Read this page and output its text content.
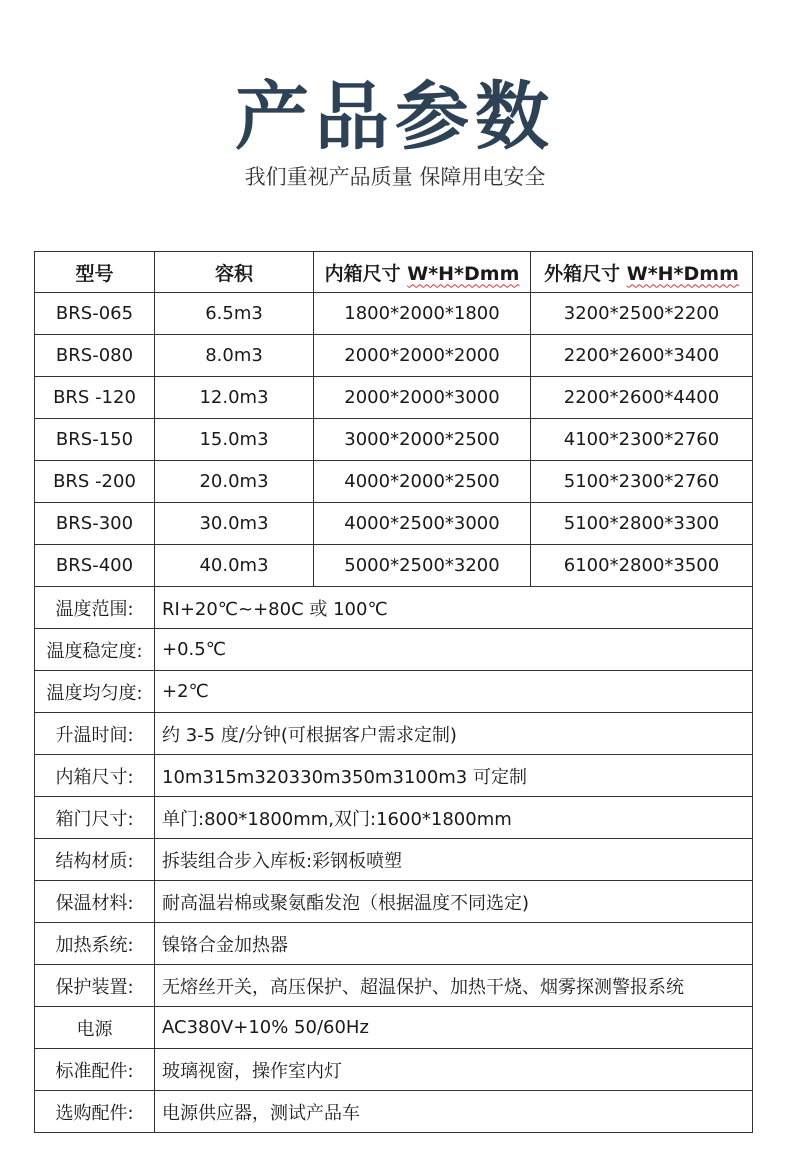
产品参数
我们重视产品质量 保障用电安全
型号	容积	内箱尺寸 W*H*Dmm	外箱尺寸 W*H*Dmm
BRS-065	6.5m3	1800*2000*1800	3200*2500*2200
BRS-080	8.0m3	2000*2000*2000	2200*2600*3400
BRS -120	12.0m3	2000*2000*3000	2200*2600*4400
BRS-150	15.0m3	3000*2000*2500	4100*2300*2760
BRS -200	20.0m3	4000*2000*2500	5100*2300*2760
BRS-300	30.0m3	4000*2500*3000	5100*2800*3300
BRS-400	40.0m3	5000*2500*3200	6100*2800*3500
温度范围:	RI+20℃~+80C 或 100℃		
温度稳定度:	+0.5℃		
温度均匀度:	+2℃		
升温时间:	约 3-5 度/分钟(可根据客户需求定制)		
内箱尺寸:	10m315m320330m350m3100m3 可定制		
箱门尺寸:	单门:800*1800mm,双门:1600*1800mm		
结构材质:	拆装组合步入库板:彩钢板喷塑		
保温材料:	耐高温岩棉或聚氨酯发泡（根据温度不同选定)		
加热系统:	镍铬合金加热器		
保护装置:	无熔丝开关，高压保护、超温保护、加热干烧、烟雾探测警报系统		
电源	AC380V+10% 50/60Hz		
标准配件:	玻璃视窗，操作室内灯		
选购配件:	电源供应器，测试产品车		
